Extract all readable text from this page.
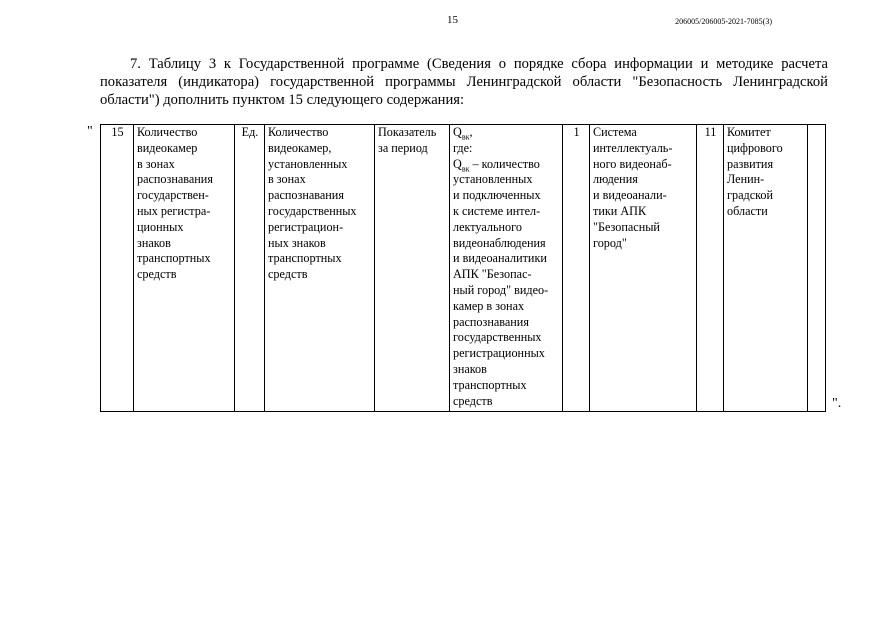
15	206005/206005-2021-7085(3)

7. Таблицу 3 к Государственной программе (Сведения о порядке сбора информации и методике расчета показателя (индикатора) государственной программы Ленинградской области "Безопасность Ленинградской области") дополнить пунктом 15 следующего содержания:

" 15	Количество
видеокамер
в зонах
распознавания
государствен-
ных регистра-
ционных
знаков
транспортных
средств	Ед.	Количество
видеокамер,
установленных
в зонах
распознавания
государственных
регистрацион-
ных знаков
транспортных
средств	Показатель
за период	$Q_{вк}$,
где:
$Q_{вк}$ – количество
установленных
и подключенных
к системе интел-
лектуального
видеонаблюдения
и видеоаналитики
АПК "Безопас-
ный город" видео-
камер в зонах
распознавания
государственных
регистрационных
знаков
транспортных
средств	1	Система
интеллектуаль-
ного видеонаб-
людения
и видеоанали-
тики АПК
"Безопасный
город"	11	Комитет
цифрового
развития
Ленин-
градской
области	
".
